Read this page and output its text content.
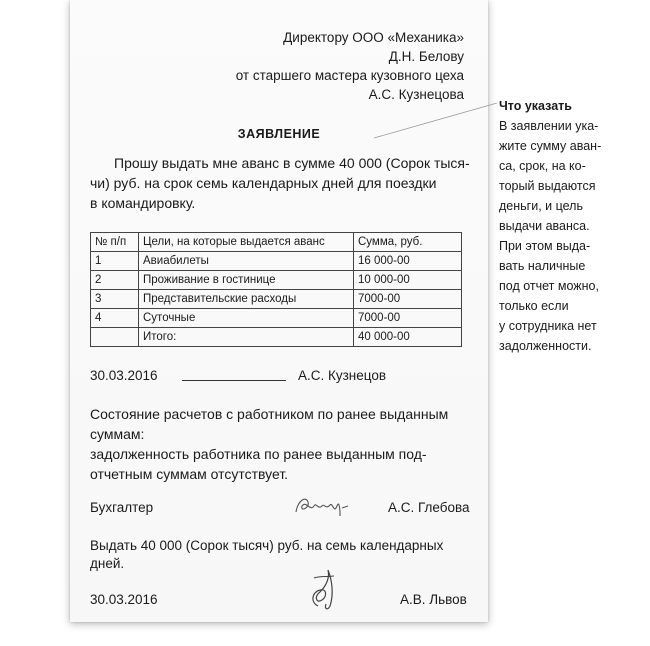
Директору ООО «Механика»
Д.Н. Белову
от старшего мастера кузовного цеха
А.С. Кузнецова
ЗАЯВЛЕНИЕ
Прошу выдать мне аванс в сумме 40 000 (Сорок тыся-
чи) руб. на срок семь календарных дней для поездки
в командировку.
№ п/п	Цели, на которые выдается аванс	Сумма, руб.
1	Авиабилеты	16 000-00
2	Проживание в гостинице	10 000-00
3	Представительские расходы	7000-00
4	Суточные	7000-00
	Итого:	40 000-00
30.03.2016	А.С. Кузнецов
Состояние расчетов с работником по ранее выданным
суммам:
задолженность работника по ранее выданным под-
отчетным суммам отсутствует.
Бухгалтер	А.С. Глебова
Выдать 40 000 (Сорок тысяч) руб. на семь календарных
дней.
30.03.2016	А.В. Львов
Что указать
В заявлении ука-
жите сумму аван-
са, срок, на ко-
торый выдаются
деньги, и цель
выдачи аванса.
При этом выда-
вать наличные
под отчет можно,
только если
у сотрудника нет
задолженности.
